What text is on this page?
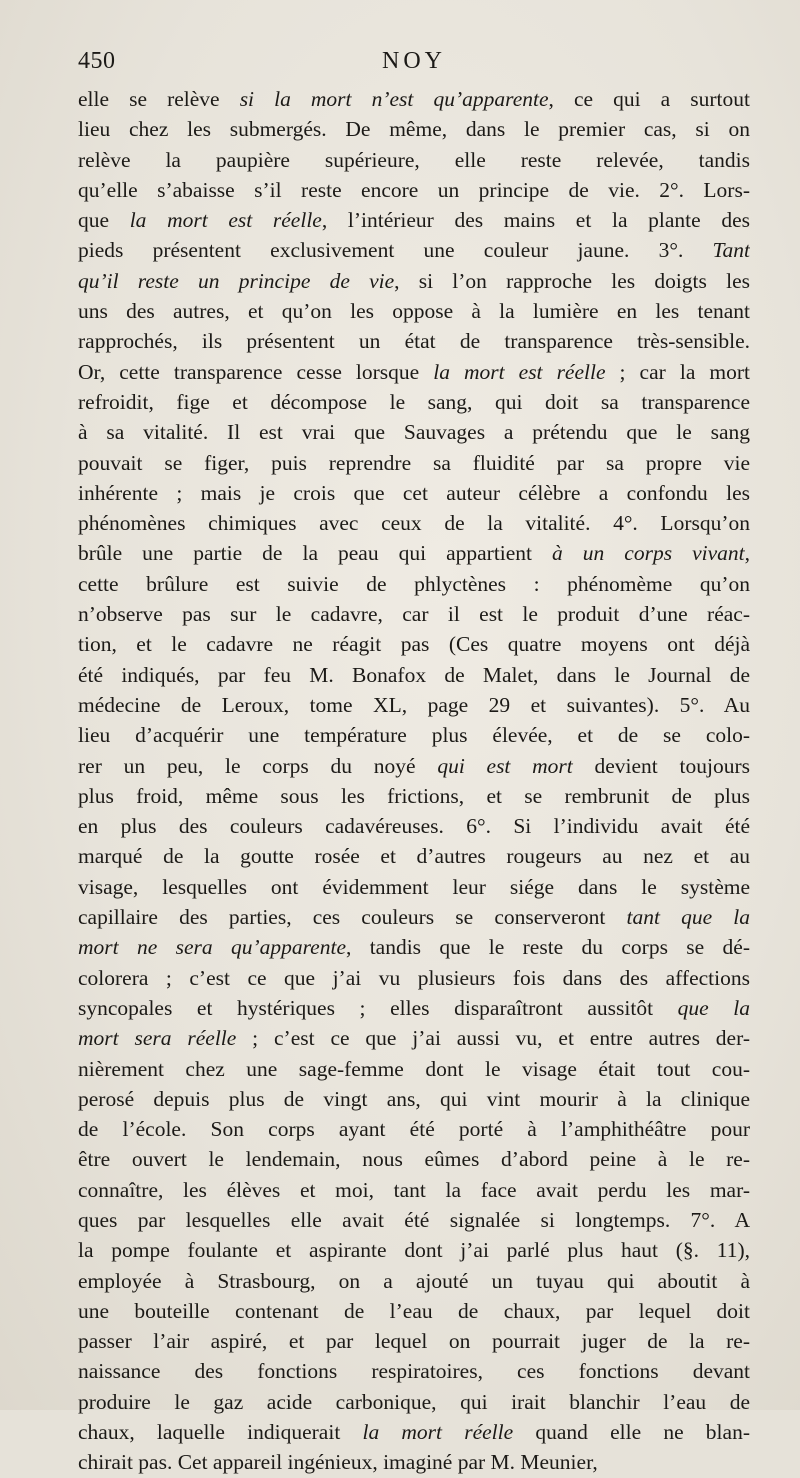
450	NOY
elle se relève si la mort n’est qu’apparente, ce qui a surtout
lieu chez les submergés. De même, dans le premier cas, si on
relève la paupière supérieure, elle reste relevée, tandis
qu’elle s’abaisse s’il reste encore un principe de vie. 2°. Lors-
que la mort est réelle, l’intérieur des mains et la plante des
pieds présentent exclusivement une couleur jaune. 3°. Tant
qu’il reste un principe de vie, si l’on rapproche les doigts les
uns des autres, et qu’on les oppose à la lumière en les tenant
rapprochés, ils présentent un état de transparence très-sensible.
Or, cette transparence cesse lorsque la mort est réelle ; car la mort
refroidit, fige et décompose le sang, qui doit sa transparence
à sa vitalité. Il est vrai que Sauvages a prétendu que le sang
pouvait se figer, puis reprendre sa fluidité par sa propre vie
inhérente ; mais je crois que cet auteur célèbre a confondu les
phénomènes chimiques avec ceux de la vitalité. 4°. Lorsqu’on
brûle une partie de la peau qui appartient à un corps vivant,
cette brûlure est suivie de phlyctènes : phénomème qu’on
n’observe pas sur le cadavre, car il est le produit d’une réac-
tion, et le cadavre ne réagit pas (Ces quatre moyens ont déjà
été indiqués, par feu M. Bonafox de Malet, dans le Journal de
médecine de Leroux, tome XL, page 29 et suivantes). 5°. Au
lieu d’acquérir une température plus élevée, et de se colo-
rer un peu, le corps du noyé qui est mort devient toujours
plus froid, même sous les frictions, et se rembrunit de plus
en plus des couleurs cadavéreuses. 6°. Si l’individu avait été
marqué de la goutte rosée et d’autres rougeurs au nez et au
visage, lesquelles ont évidemment leur siége dans le système
capillaire des parties, ces couleurs se conserveront tant que la
mort ne sera qu’apparente, tandis que le reste du corps se dé-
colorera ; c’est ce que j’ai vu plusieurs fois dans des affections
syncopales et hystériques ; elles disparaîtront aussitôt que la
mort sera réelle ; c’est ce que j’ai aussi vu, et entre autres der-
nièrement chez une sage-femme dont le visage était tout cou-
perosé depuis plus de vingt ans, qui vint mourir à la clinique
de l’école. Son corps ayant été porté à l’amphithéâtre pour
être ouvert le lendemain, nous eûmes d’abord peine à le re-
connaître, les élèves et moi, tant la face avait perdu les mar-
ques par lesquelles elle avait été signalée si longtemps. 7°. A
la pompe foulante et aspirante dont j’ai parlé plus haut (§. 11),
employée à Strasbourg, on a ajouté un tuyau qui aboutit à
une bouteille contenant de l’eau de chaux, par lequel doit
passer l’air aspiré, et par lequel on pourrait juger de la re-
naissance des fonctions respiratoires, ces fonctions devant
produire le gaz acide carbonique, qui irait blanchir l’eau de
chaux, laquelle indiquerait la mort réelle quand elle ne blan-
chirait pas. Cet appareil ingénieux, imaginé par M. Meunier,
